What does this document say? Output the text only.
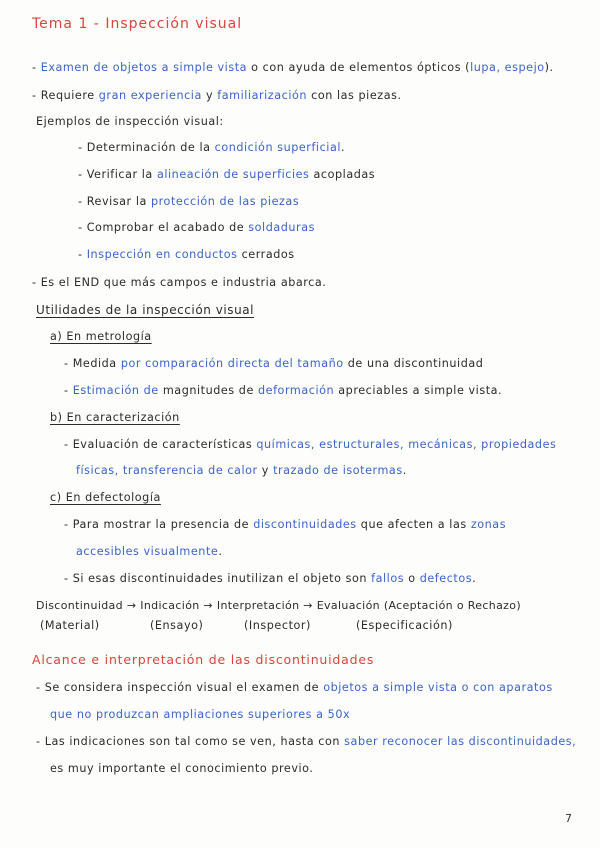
Tema 1 - Inspección visual
- Examen de objetos a simple vista o con ayuda de elementos ópticos (lupa, espejo).
- Requiere gran experiencia y familiarización con las piezas.
Ejemplos de inspección visual:
- Determinación de la condición superficial.
- Verificar la alineación de superficies acopladas
- Revisar la protección de las piezas
- Comprobar el acabado de soldaduras
- Inspección en conductos cerrados
- Es el END que más campos e industria abarca.
Utilidades de la inspección visual
a) En metrología
- Medida por comparación directa del tamaño de una discontinuidad
- Estimación de magnitudes de deformación apreciables a simple vista.
b) En caracterización
- Evaluación de características químicas, estructurales, mecánicas, propiedades
físicas, transferencia de calor y trazado de isotermas.
c) En defectología
- Para mostrar la presencia de discontinuidades que afecten a las zonas
accesibles visualmente.
- Si esas discontinuidades inutilizan el objeto son fallos o defectos.
Discontinuidad → Indicación → Interpretación → Evaluación (Aceptación o Rechazo)
(Material)	(Ensayo)	(Inspector)	(Especificación)
Alcance e interpretación de las discontinuidades
- Se considera inspección visual el examen de objetos a simple vista o con aparatos
que no produzcan ampliaciones superiores a 50x
- Las indicaciones son tal como se ven, hasta con saber reconocer las discontinuidades,
es muy importante el conocimiento previo.
7
